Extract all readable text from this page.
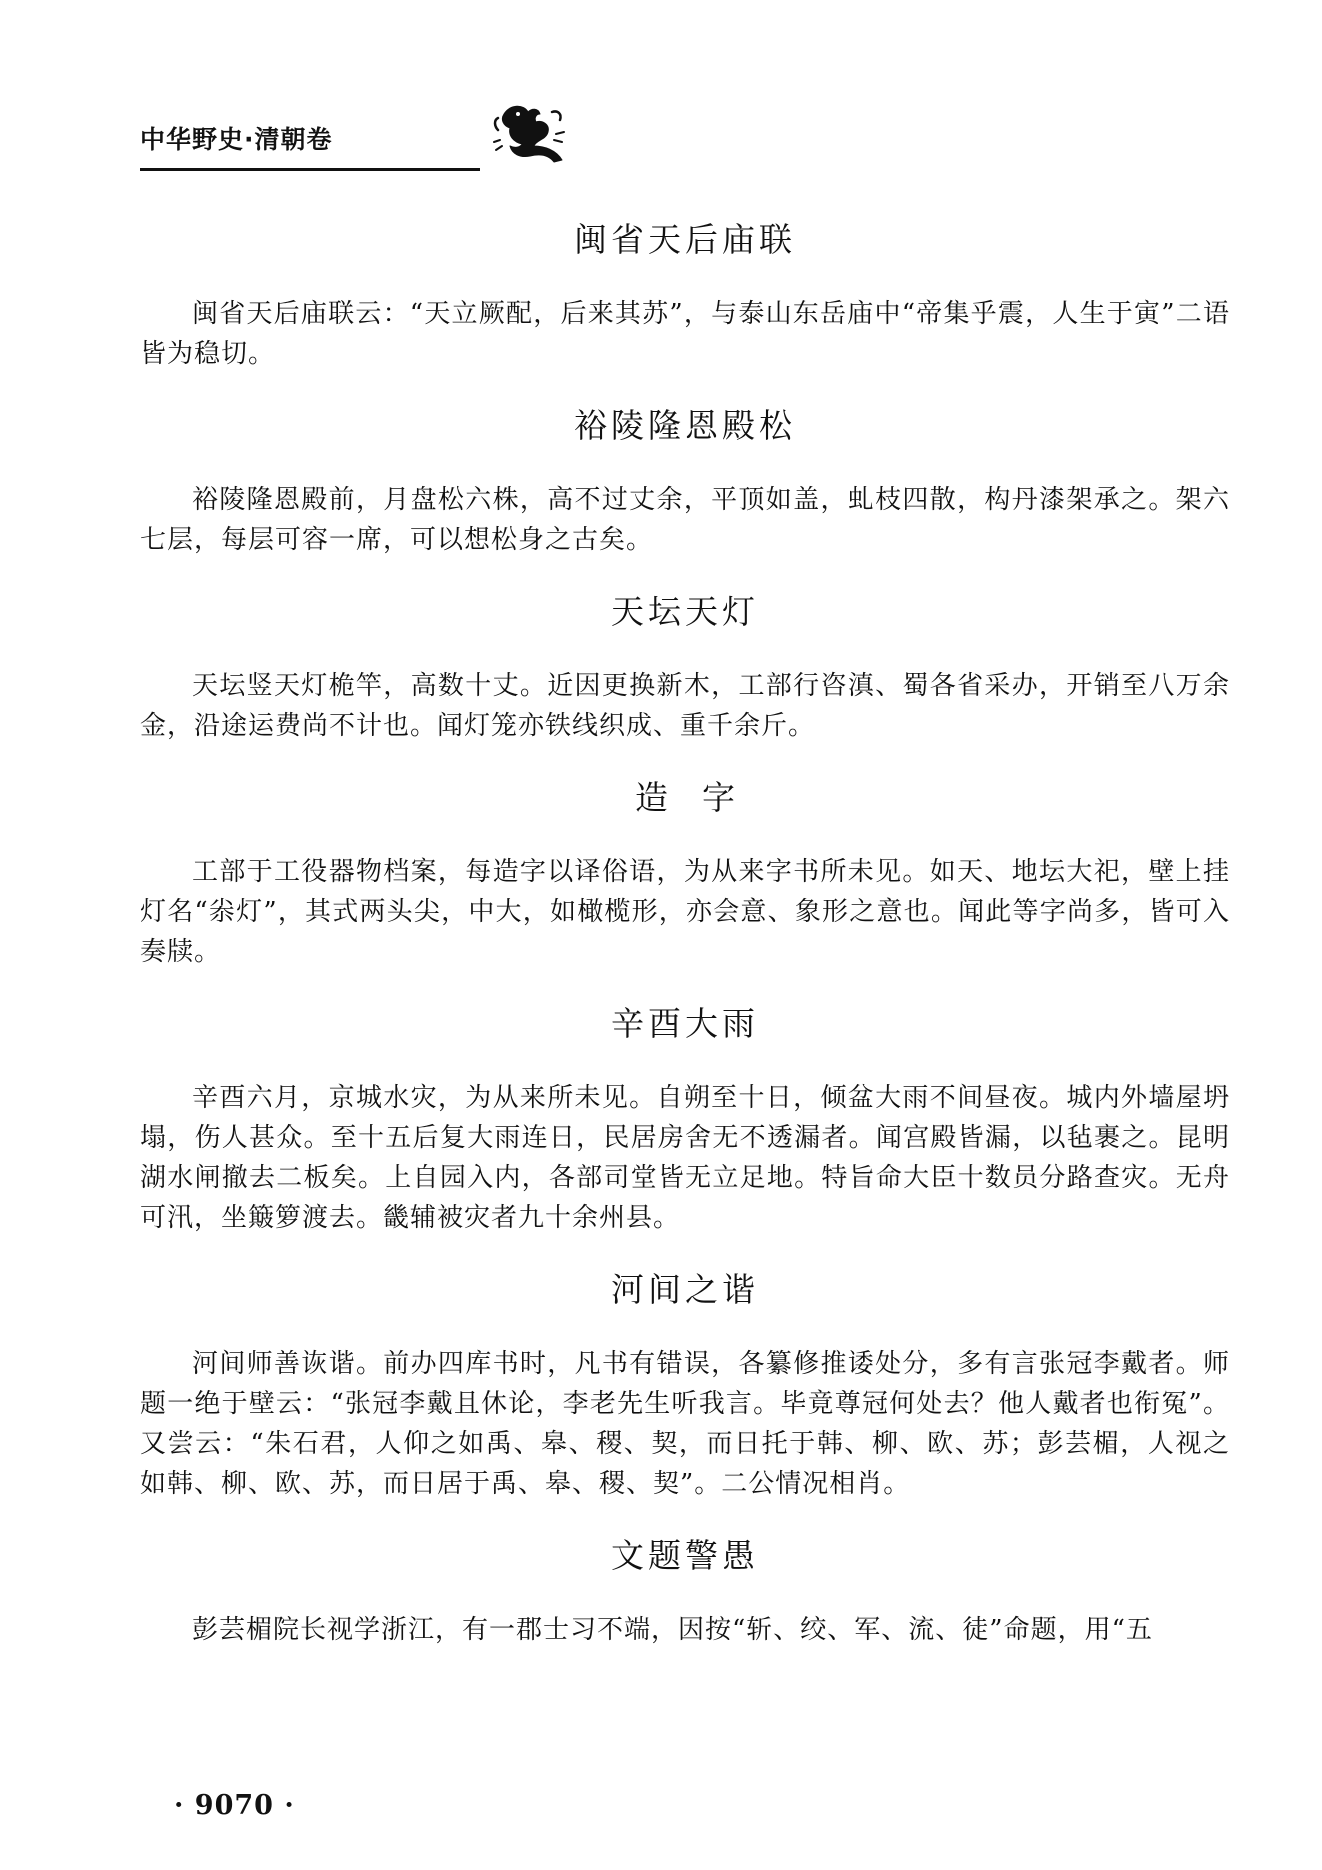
中华野史·清朝卷
闽省天后庙联

闽省天后庙联云：“天立厥配，后来其苏”，与泰山东岳庙中“帝集乎震，人生于寅”二语皆为稳切。

裕陵隆恩殿松

裕陵隆恩殿前，月盘松六株，高不过丈余，平顶如盖，虬枝四散，构丹漆架承之。架六七层，每层可容一席，可以想松身之古矣。

天坛天灯

天坛竖天灯桅竿，高数十丈。近因更换新木，工部行咨滇、蜀各省采办，开销至八万余金，沿途运费尚不计也。闻灯笼亦铁线织成、重千余斤。

造字

工部于工役器物档案，每造字以译俗语，为从来字书所未见。如天、地坛大祀，壁上挂灯名“尜灯”，其式两头尖，中大，如橄榄形，亦会意、象形之意也。闻此等字尚多，皆可入奏牍。

辛酉大雨

辛酉六月，京城水灾，为从来所未见。自朔至十日，倾盆大雨不间昼夜。城内外墙屋坍塌，伤人甚众。至十五后复大雨连日，民居房舍无不透漏者。闻宫殿皆漏，以毡裹之。昆明湖水闸撤去二板矣。上自园入内，各部司堂皆无立足地。特旨命大臣十数员分路查灾。无舟可汛，坐簸箩渡去。畿辅被灾者九十余州县。

河间之谐

河间师善诙谐。前办四库书时，凡书有错误，各纂修推诿处分，多有言张冠李戴者。师题一绝于壁云：“张冠李戴且休论，李老先生听我言。毕竟尊冠何处去？他人戴者也衔冤”。又尝云：“朱石君，人仰之如禹、皋、稷、契，而日托于韩、柳、欧、苏；彭芸楣，人视之如韩、柳、欧、苏，而日居于禹、皋、稷、契”。二公情况相肖。

文题警愚

彭芸楣院长视学浙江，有一郡士习不端，因按“斩、绞、军、流、徒”命题，用“五

· 9070 ·
